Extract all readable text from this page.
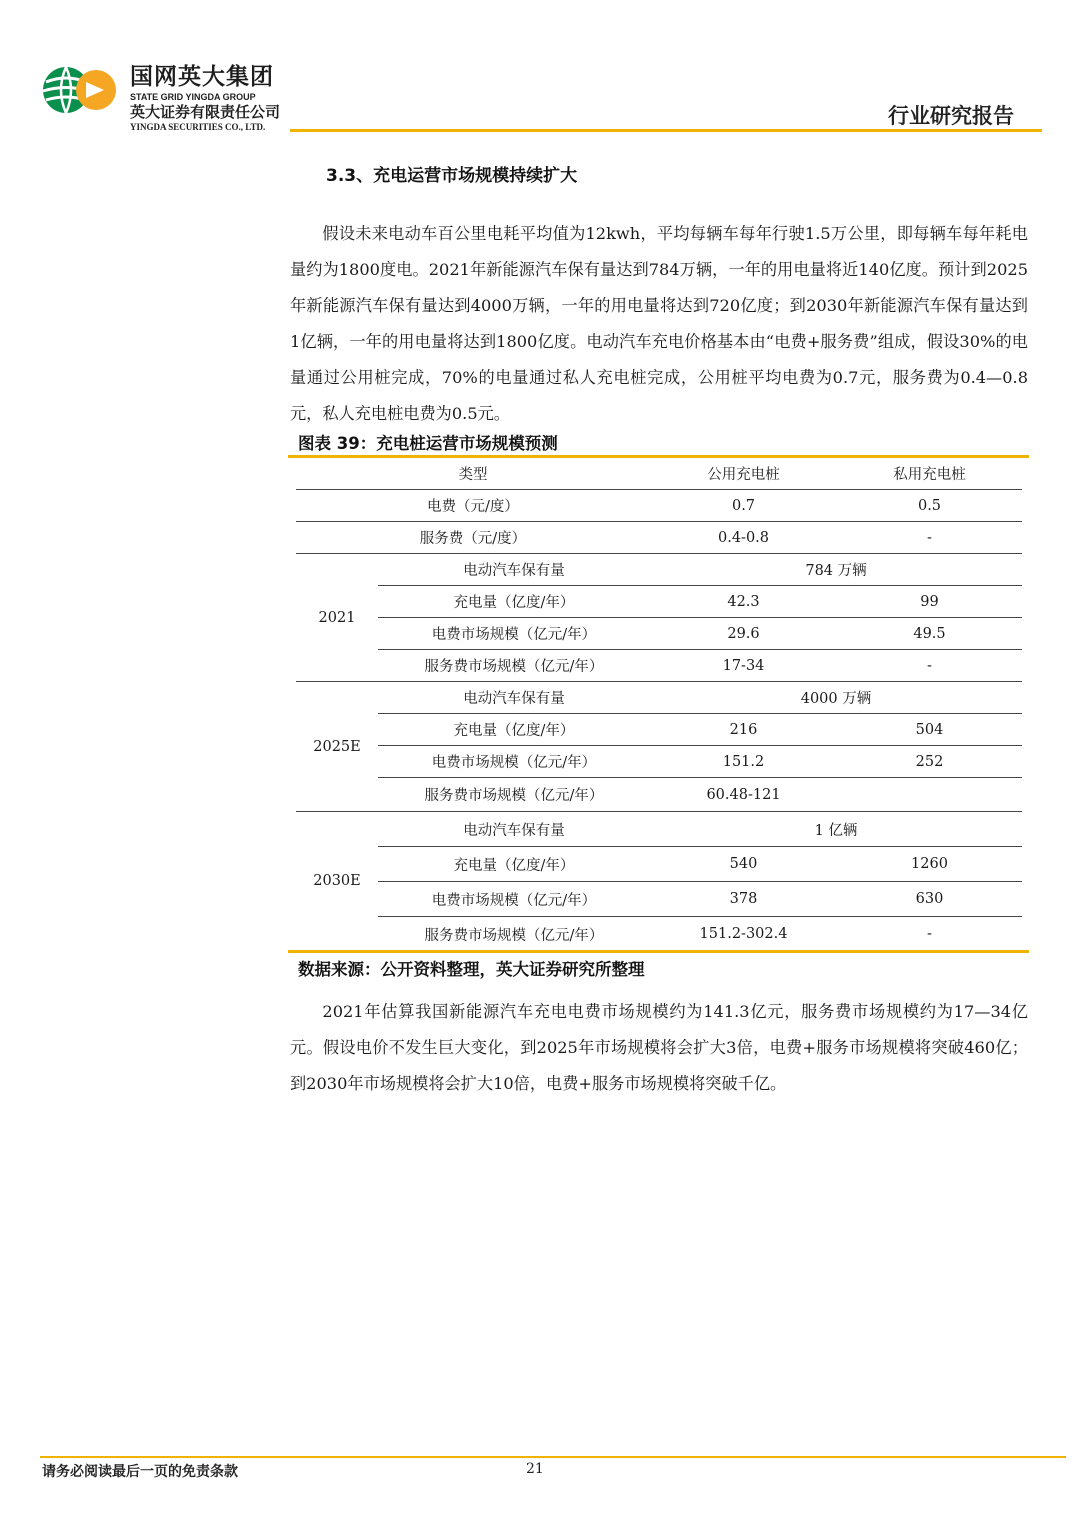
国网英大集团
STATE GRID YINGDA GROUP
英大证券有限责任公司
YINGDA SECURITIES CO., LTD.	行业研究报告
3.3、充电运营市场规模持续扩大

假设未来电动车百公里电耗平均值为12kwh，平均每辆车每年行驶1.5万公里，即每辆车每年耗电量约为1800度电。2021年新能源汽车保有量达到784万辆，一年的用电量将近140亿度。预计到2025年新能源汽车保有量达到4000万辆，一年的用电量将达到720亿度；到2030年新能源汽车保有量达到1亿辆，一年的用电量将达到1800亿度。电动汽车充电价格基本由“电费+服务费”组成，假设30%的电量通过公用桩完成，70%的电量通过私人充电桩完成，公用桩平均电费为0.7元，服务费为0.4—0.8元，私人充电桩电费为0.5元。

图表 39：充电桩运营市场规模预测
类型		公用充电桩	私用充电桩
电费（元/度）		0.7	0.5
服务费（元/度）		0.4-0.8	-
2021	电动汽车保有量	784 万辆	
	充电量（亿度/年）	42.3	99
	电费市场规模（亿元/年）	29.6	49.5
	服务费市场规模（亿元/年）	17-34	-
2025E	电动汽车保有量	4000 万辆	
	充电量（亿度/年）	216	504
	电费市场规模（亿元/年）	151.2	252
	服务费市场规模（亿元/年）	60.48-121	
2030E	电动汽车保有量	1 亿辆	
	充电量（亿度/年）	540	1260
	电费市场规模（亿元/年）	378	630
	服务费市场规模（亿元/年）	151.2-302.4	-
数据来源：公开资料整理，英大证券研究所整理

2021年估算我国新能源汽车充电电费市场规模约为141.3亿元，服务费市场规模约为17—34亿元。假设电价不发生巨大变化，到2025年市场规模将会扩大3倍，电费+服务市场规模将突破460亿；到2030年市场规模将会扩大10倍，电费+服务市场规模将突破千亿。

请务必阅读最后一页的免责条款	21
